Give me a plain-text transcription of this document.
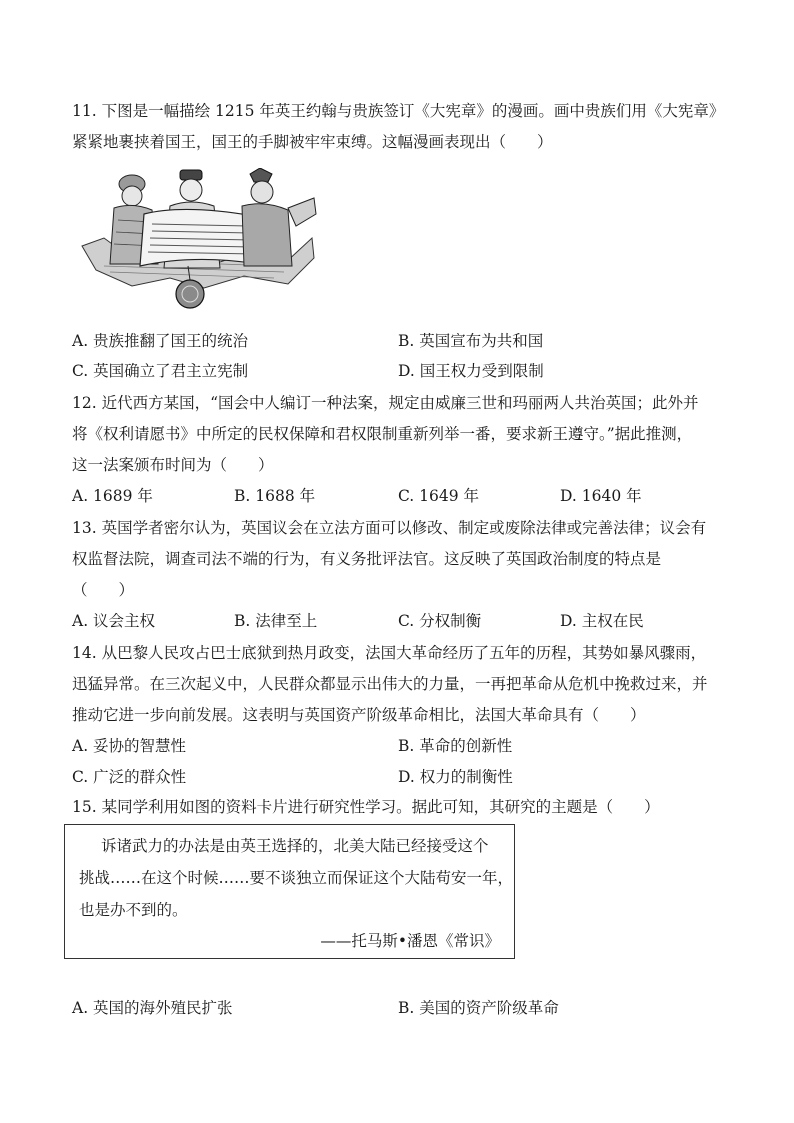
11. 下图是一幅描绘 1215 年英王约翰与贵族签订《大宪章》的漫画。画中贵族们用《大宪章》
紧紧地裹挟着国王，国王的手脚被牢牢束缚。这幅漫画表现出（　　）
A. 贵族推翻了国王的统治	B. 英国宣布为共和国
C. 英国确立了君主立宪制	D. 国王权力受到限制
12. 近代西方某国，“国会中人编订一种法案，规定由威廉三世和玛丽两人共治英国；此外并
将《权利请愿书》中所定的民权保障和君权限制重新列举一番，要求新王遵守。”据此推测，
这一法案颁布时间为（　　）
A. 1689 年	B. 1688 年	C. 1649 年	D. 1640 年
13. 英国学者密尔认为，英国议会在立法方面可以修改、制定或废除法律或完善法律；议会有
权监督法院，调查司法不端的行为，有义务批评法官。这反映了英国政治制度的特点是
（　　）
A. 议会主权	B. 法律至上	C. 分权制衡	D. 主权在民
14. 从巴黎人民攻占巴士底狱到热月政变，法国大革命经历了五年的历程，其势如暴风骤雨，
迅猛异常。在三次起义中，人民群众都显示出伟大的力量，一再把革命从危机中挽救过来，并
推动它进一步向前发展。这表明与英国资产阶级革命相比，法国大革命具有（　　）
A. 妥协的智慧性	B. 革命的创新性
C. 广泛的群众性	D. 权力的制衡性
15. 某同学利用如图的资料卡片进行研究性学习。据此可知，其研究的主题是（　　）
诉诸武力的办法是由英王选择的，北美大陆已经接受这个
挑战……在这个时候……要不谈独立而保证这个大陆苟安一年，
也是办不到的。
——托马斯•潘恩《常识》
A. 英国的海外殖民扩张	B. 美国的资产阶级革命
